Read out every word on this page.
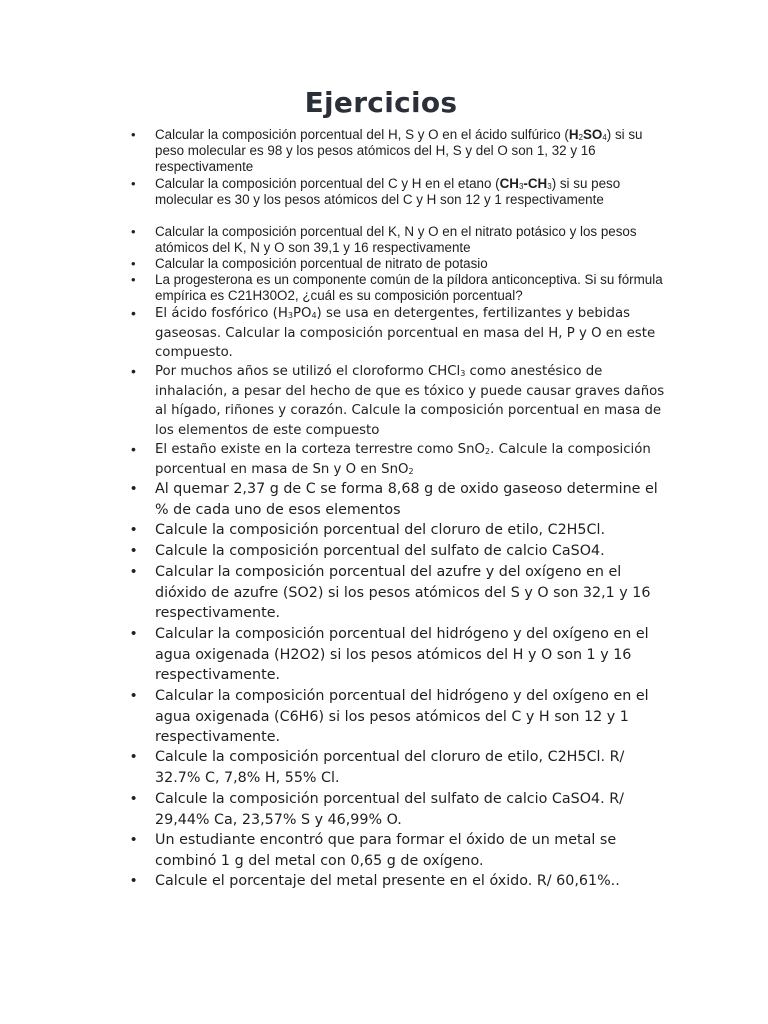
Ejercicios
• Calcular la composición porcentual del H, S y O en el ácido sulfúrico $(H_2SO_4)$ si su peso molecular es 98 y los pesos atómicos del H, S y del O son 1, 32 y 16 respectivamente
• Calcular la composición porcentual del C y H en el etano $(CH_3-CH_3)$ si su peso molecular es 30 y los pesos atómicos del C y H son 12 y 1 respectivamente
• Calcular la composición porcentual del K, N y O en el nitrato potásico y los pesos atómicos del K, N y O son 39,1 y 16 respectivamente
• Calcular la composición porcentual de nitrato de potasio
• La progesterona es un componente común de la píldora anticonceptiva. Si su fórmula empírica es C21H30O2, ¿cuál es su composición porcentual?
• El ácido fosfórico $(H_3PO_4)$ se usa en detergentes, fertilizantes y bebidas gaseosas. Calcular la composición porcentual en masa del H, P y O en este compuesto.
• Por muchos años se utilizó el cloroformo CHCl$_3$ como anestésico de inhalación, a pesar del hecho de que es tóxico y puede causar graves daños al hígado, riñones y corazón. Calcule la composición porcentual en masa de los elementos de este compuesto
• El estaño existe en la corteza terrestre como SnO$_2$. Calcule la composición porcentual en masa de Sn y O en SnO$_2$
• Al quemar 2,37 g de C se forma 8,68 g de oxido gaseoso determine el % de cada uno de esos elementos
• Calcule la composición porcentual del cloruro de etilo, C2H5Cl.
• Calcule la composición porcentual del sulfato de calcio CaSO4.
• Calcular la composición porcentual del azufre y del oxígeno en el dióxido de azufre (SO2) si los pesos atómicos del S y O son 32,1 y 16 respectivamente.
• Calcular la composición porcentual del hidrógeno y del oxígeno en el agua oxigenada (H2O2) si los pesos atómicos del H y O son 1 y 16 respectivamente.
• Calcular la composición porcentual del hidrógeno y del oxígeno en el agua oxigenada (C6H6) si los pesos atómicos del C y H son 12 y 1 respectivamente.
• Calcule la composición porcentual del cloruro de etilo, C2H5Cl. R/ 32.7% C, 7,8% H, 55% Cl.
• Calcule la composición porcentual del sulfato de calcio CaSO4. R/ 29,44% Ca, 23,57% S y 46,99% O.
• Un estudiante encontró que para formar el óxido de un metal se combinó 1 g del metal con 0,65 g de oxígeno.
• Calcule el porcentaje del metal presente en el óxido. R/ 60,61%..
